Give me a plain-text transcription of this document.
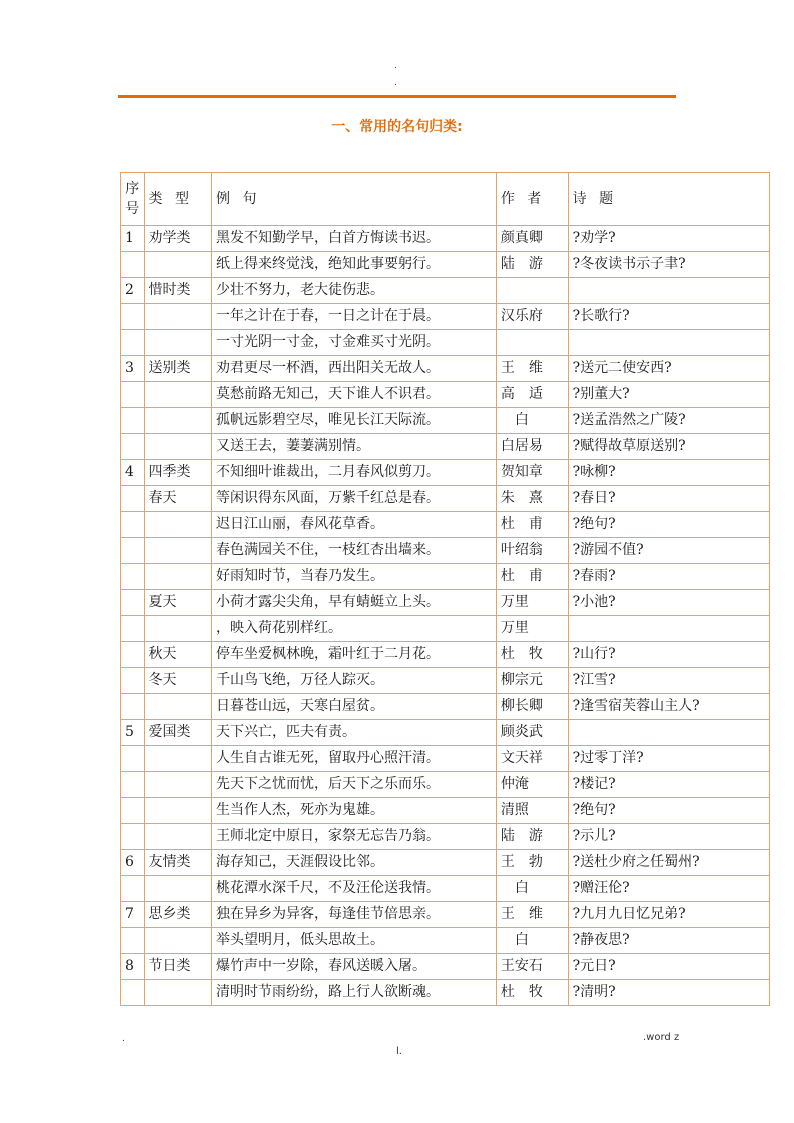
.
.
一、常用的名句归类:
序号	类 型	例 句	作 者	诗 题
1	劝学类	黑发不知勤学早，白首方悔读书迟。	颜真卿	?劝学?
		纸上得来终觉浅，绝知此事要躬行。	陆　游	?冬夜读书示子聿?
2	惜时类	少壮不努力，老大徒伤悲。		
		一年之计在于春，一日之计在于晨。	汉乐府	?长歌行?
		一寸光阴一寸金，寸金难买寸光阴。		
3	送别类	劝君更尽一杯酒，西出阳关无故人。	王　维	?送元二使安西?
		莫愁前路无知己，天下谁人不识君。	高　适	?别董大?
		孤帆远影碧空尽，唯见长江天际流。	　白	?送孟浩然之广陵?
		又送王去，萋萋满别情。	白居易	?赋得故草原送别?
4	四季类	不知细叶谁裁出，二月春风似剪刀。	贺知章	?咏柳?
	春天	等闲识得东风面，万紫千红总是春。	朱　熹	?春日?
		迟日江山丽，春风花草香。	杜　甫	?绝句?
		春色满园关不住，一枝红杏出墙来。	叶绍翁	?游园不值?
		好雨知时节，当春乃发生。	杜　甫	?春雨?
	夏天	小荷才露尖尖角，早有蜻蜓立上头。	万里	?小池?
		，映入荷花别样红。	万里	
	秋天	停车坐爱枫林晚，霜叶红于二月花。	杜　牧	?山行?
	冬天	千山鸟飞绝，万径人踪灭。	柳宗元	?江雪?
		日暮苍山远，天寒白屋贫。	柳长卿	?逢雪宿芙蓉山主人?
5	爱国类	天下兴亡，匹夫有责。	顾炎武	
		人生自古谁无死，留取丹心照汗清。	文天祥	?过零丁洋?
		先天下之忧而忧，后天下之乐而乐。	仲淹	?楼记?
		生当作人杰，死亦为鬼雄。	清照	?绝句?
		王师北定中原日，家祭无忘告乃翁。	陆　游	?示儿?
6	友情类	海存知己，天涯假设比邻。	王　勃	?送杜少府之任蜀州?
		桃花潭水深千尺，不及汪伦送我情。	　白	?赠汪伦?
7	思乡类	独在异乡为异客，每逢佳节倍思亲。	王　维	?九月九日忆兄弟?
		举头望明月，低头思故土。	　白	?静夜思?
8	节日类	爆竹声中一岁除，春风送暖入屠。	王安石	?元日?
		清明时节雨纷纷，路上行人欲断魂。	杜　牧	?清明?
.
l.
.word z
